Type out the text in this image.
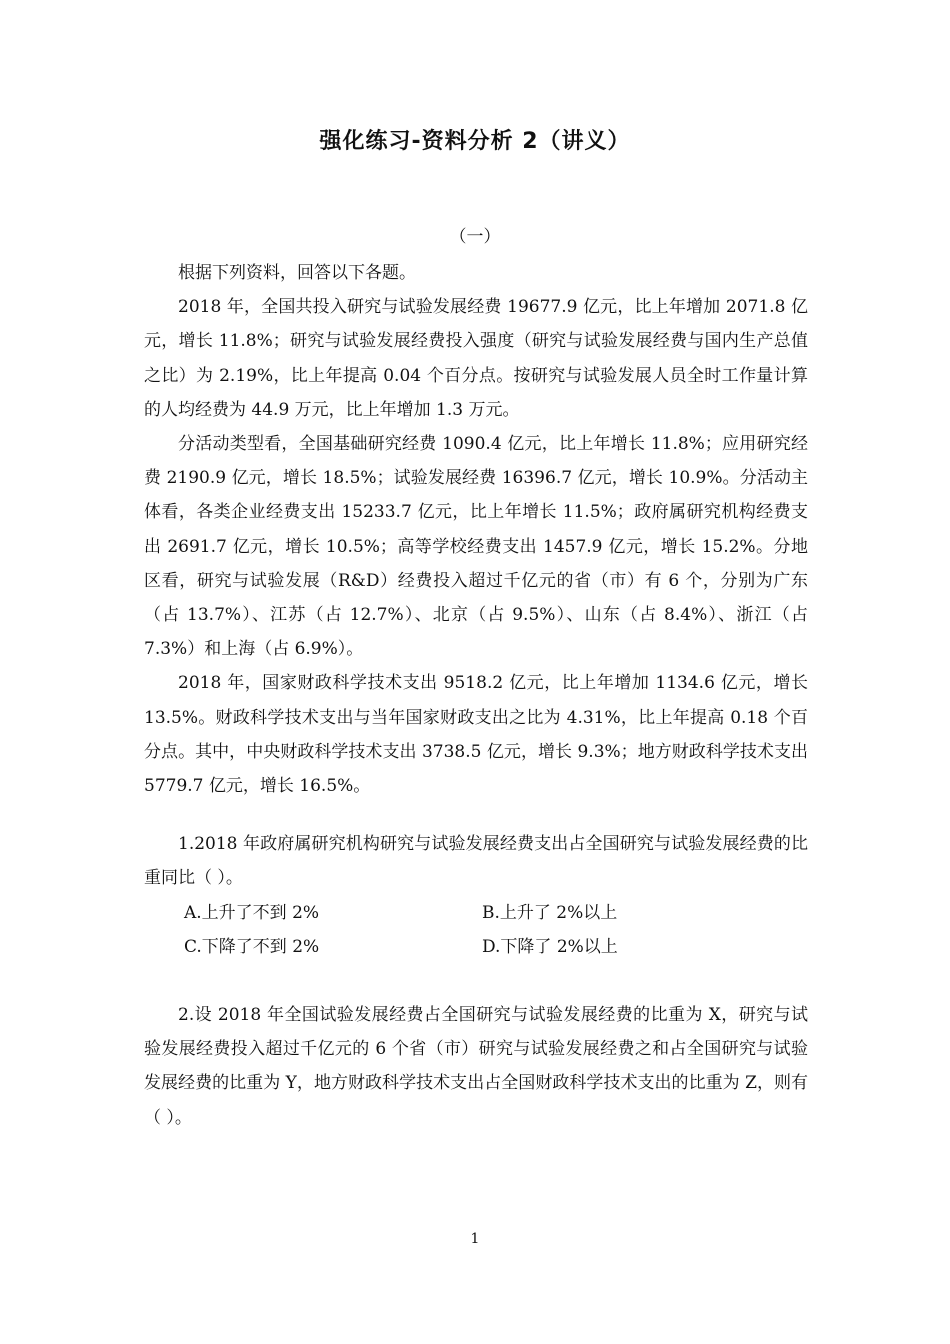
强化练习-资料分析 2（讲义）
（一）

根据下列资料，回答以下各题。

2018 年，全国共投入研究与试验发展经费 19677.9 亿元，比上年增加 2071.8 亿元，增长 11.8%；研究与试验发展经费投入强度（研究与试验发展经费与国内生产总值之比）为 2.19%，比上年提高 0.04 个百分点。按研究与试验发展人员全时工作量计算的人均经费为 44.9 万元，比上年增加 1.3 万元。

分活动类型看，全国基础研究经费 1090.4 亿元，比上年增长 11.8%；应用研究经费 2190.9 亿元，增长 18.5%；试验发展经费 16396.7 亿元，增长 10.9%。分活动主体看，各类企业经费支出 15233.7 亿元，比上年增长 11.5%；政府属研究机构经费支出 2691.7 亿元，增长 10.5%；高等学校经费支出 1457.9 亿元，增长 15.2%。分地区看，研究与试验发展（R&D）经费投入超过千亿元的省（市）有 6 个，分别为广东（占 13.7%）、江苏（占 12.7%）、北京（占 9.5%）、山东（占 8.4%）、浙江（占 7.3%）和上海（占 6.9%）。

2018 年，国家财政科学技术支出 9518.2 亿元，比上年增加 1134.6 亿元，增长 13.5%。财政科学技术支出与当年国家财政支出之比为 4.31%，比上年提高 0.18 个百分点。其中，中央财政科学技术支出 3738.5 亿元，增长 9.3%；地方财政科学技术支出 5779.7 亿元，增长 16.5%。

1.2018 年政府属研究机构研究与试验发展经费支出占全国研究与试验发展经费的比重同比（ ）。

A.上升了不到 2%	B.上升了 2%以上
C.下降了不到 2%	D.下降了 2%以上

2.设 2018 年全国试验发展经费占全国研究与试验发展经费的比重为 X，研究与试验发展经费投入超过千亿元的 6 个省（市）研究与试验发展经费之和占全国研究与试验发展经费的比重为 Y，地方财政科学技术支出占全国财政科学技术支出的比重为 Z，则有（ ）。

1
